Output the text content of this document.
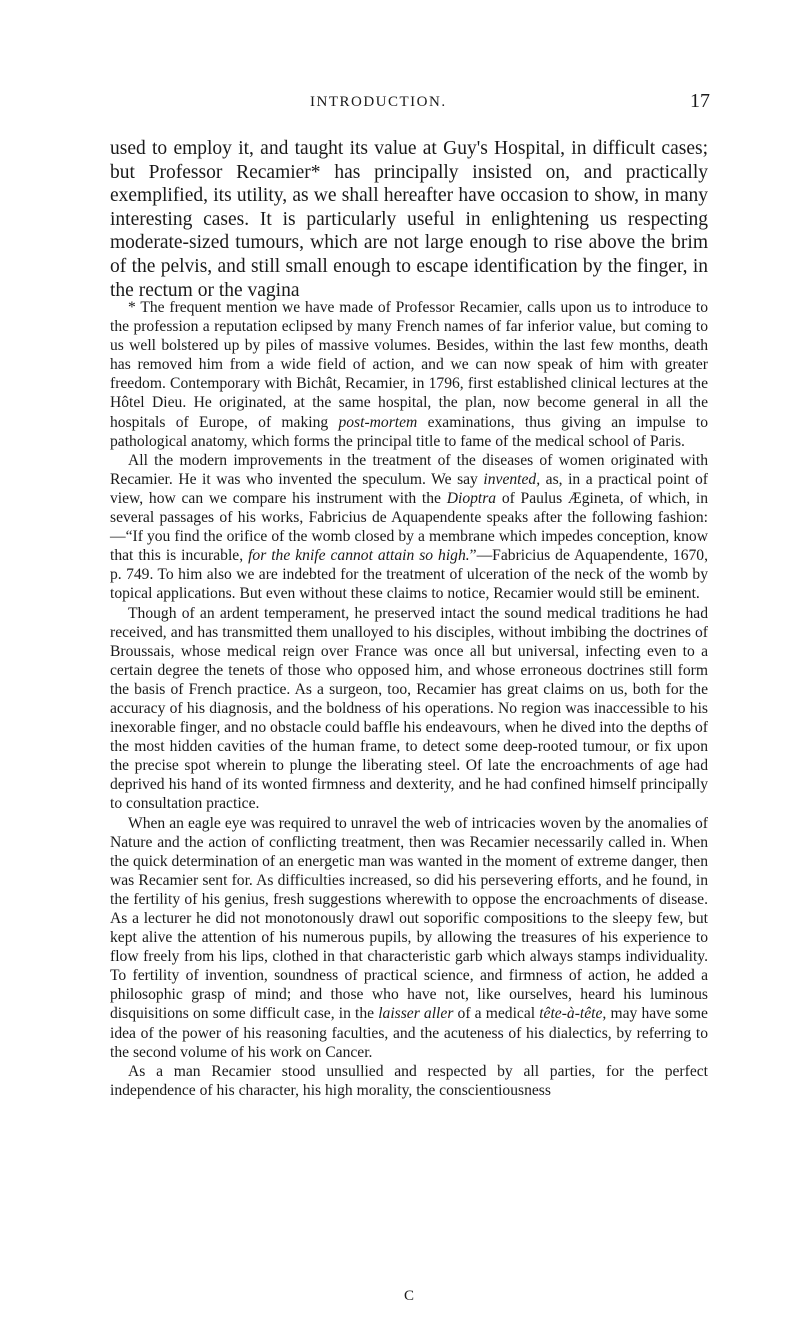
INTRODUCTION.	17

used to employ it, and taught its value at Guy's Hospital, in difficult cases; but Professor Recamier* has principally insisted on, and practically exemplified, its utility, as we shall hereafter have occasion to show, in many interesting cases. It is particularly useful in enlightening us respecting moderate-sized tumours, which are not large enough to rise above the brim of the pelvis, and still small enough to escape identification by the finger, in the rectum or the vagina

* The frequent mention we have made of Professor Recamier, calls upon us to introduce to the profession a reputation eclipsed by many French names of far inferior value, but coming to us well bolstered up by piles of massive volumes. Besides, within the last few months, death has removed him from a wide field of action, and we can now speak of him with greater freedom. Contemporary with Bichât, Recamier, in 1796, first established clinical lectures at the Hôtel Dieu. He originated, at the same hospital, the plan, now become general in all the hospitals of Europe, of making post-mortem examinations, thus giving an impulse to pathological anatomy, which forms the principal title to fame of the medical school of Paris.

All the modern improvements in the treatment of the diseases of women originated with Recamier. He it was who invented the speculum. We say invented, as, in a practical point of view, how can we compare his instrument with the Dioptra of Paulus Ægineta, of which, in several passages of his works, Fabricius de Aquapendente speaks after the following fashion:—“If you find the orifice of the womb closed by a membrane which impedes conception, know that this is incurable, for the knife cannot attain so high.”—Fabricius de Aquapendente, 1670, p. 749. To him also we are indebted for the treatment of ulceration of the neck of the womb by topical applications. But even without these claims to notice, Recamier would still be eminent.

Though of an ardent temperament, he preserved intact the sound medical traditions he had received, and has transmitted them unalloyed to his disciples, without imbibing the doctrines of Broussais, whose medical reign over France was once all but universal, infecting even to a certain degree the tenets of those who opposed him, and whose erroneous doctrines still form the basis of French practice. As a surgeon, too, Recamier has great claims on us, both for the accuracy of his diagnosis, and the boldness of his operations. No region was inaccessible to his inexorable finger, and no obstacle could baffle his endeavours, when he dived into the depths of the most hidden cavities of the human frame, to detect some deep-rooted tumour, or fix upon the precise spot wherein to plunge the liberating steel. Of late the encroachments of age had deprived his hand of its wonted firmness and dexterity, and he had confined himself principally to consultation practice.

When an eagle eye was required to unravel the web of intricacies woven by the anomalies of Nature and the action of conflicting treatment, then was Recamier necessarily called in. When the quick determination of an energetic man was wanted in the moment of extreme danger, then was Recamier sent for. As difficulties increased, so did his persevering efforts, and he found, in the fertility of his genius, fresh suggestions wherewith to oppose the encroachments of disease. As a lecturer he did not monotonously drawl out soporific compositions to the sleepy few, but kept alive the attention of his numerous pupils, by allowing the treasures of his experience to flow freely from his lips, clothed in that characteristic garb which always stamps individuality. To fertility of invention, soundness of practical science, and firmness of action, he added a philosophic grasp of mind; and those who have not, like ourselves, heard his luminous disquisitions on some difficult case, in the laisser aller of a medical tête-à-tête, may have some idea of the power of his reasoning faculties, and the acuteness of his dialectics, by referring to the second volume of his work on Cancer.

As a man Recamier stood unsullied and respected by all parties, for the perfect independence of his character, his high morality, the conscientiousness

C
